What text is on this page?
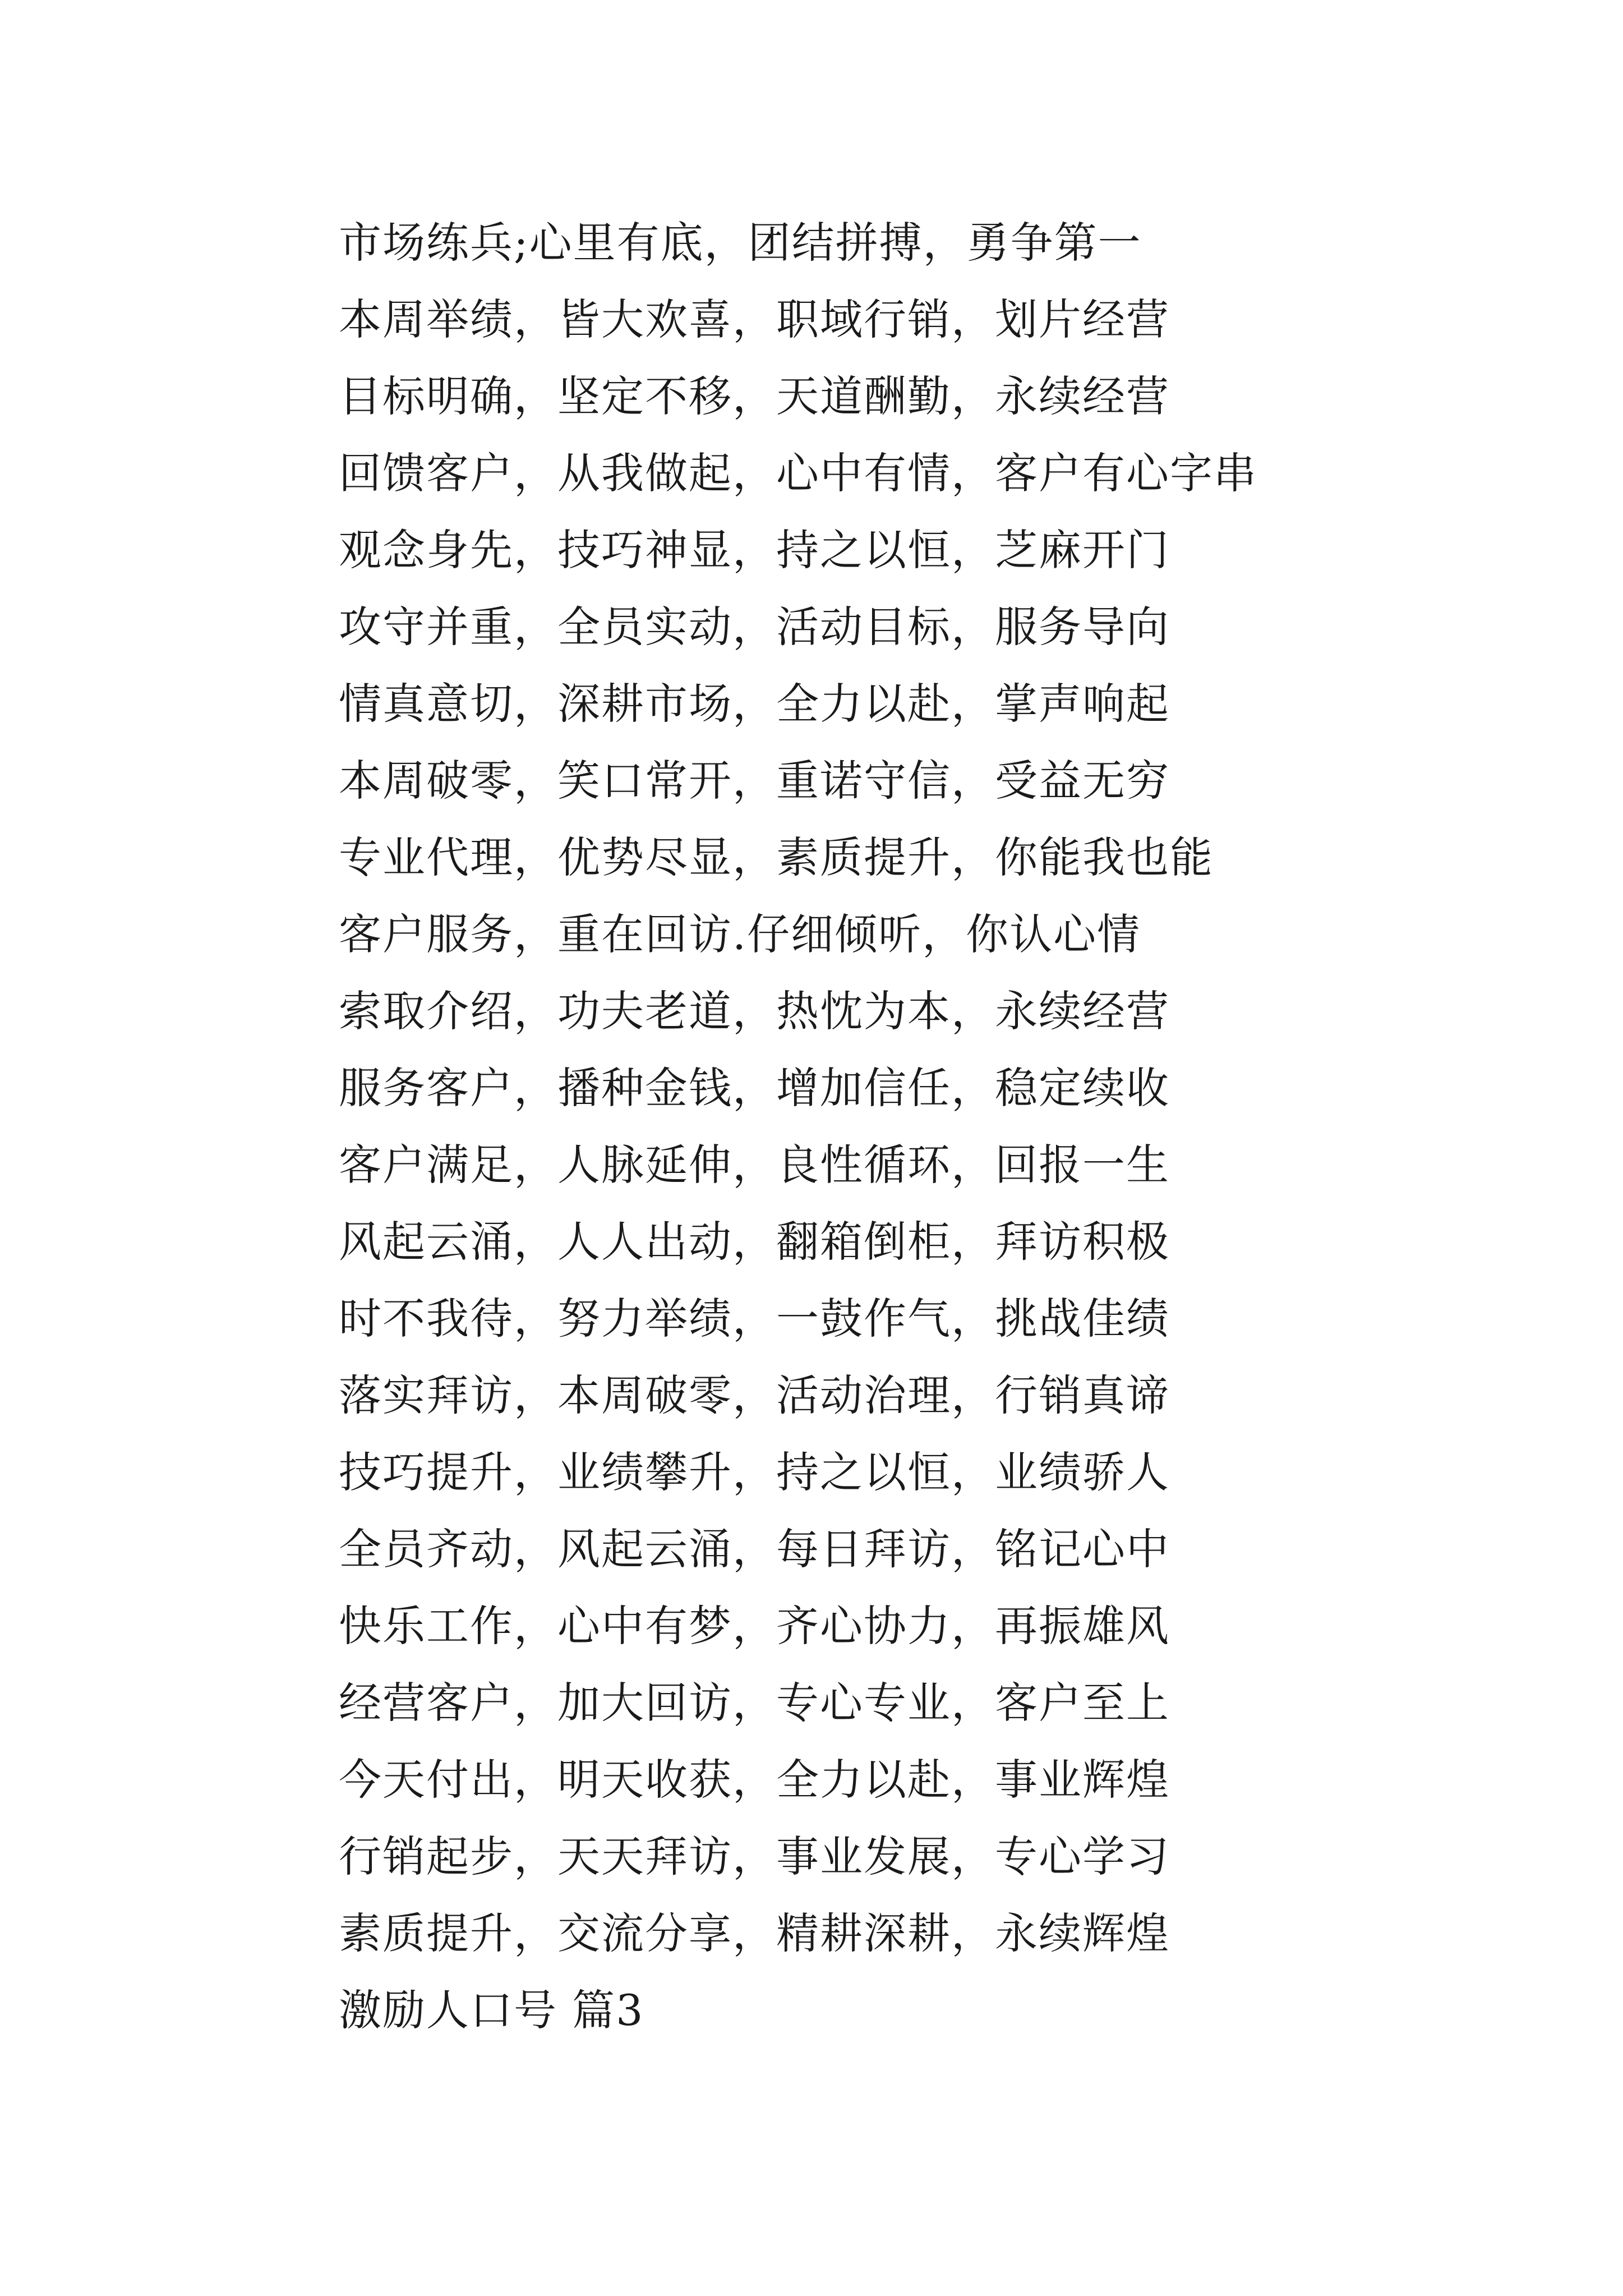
市场练兵;心里有底，团结拼搏，勇争第一
本周举绩，皆大欢喜，职域行销，划片经营
目标明确，坚定不移，天道酬勤，永续经营
回馈客户，从我做起，心中有情，客户有心字串
观念身先，技巧神显，持之以恒，芝麻开门
攻守并重，全员实动，活动目标，服务导向
情真意切，深耕市场，全力以赴，掌声响起
本周破零，笑口常开，重诺守信，受益无穷
专业代理，优势尽显，素质提升，你能我也能
客户服务，重在回访.仔细倾听，你认心情
索取介绍，功夫老道，热忱为本，永续经营
服务客户，播种金钱，增加信任，稳定续收
客户满足，人脉延伸，良性循环，回报一生
风起云涌，人人出动，翻箱倒柜，拜访积极
时不我待，努力举绩，一鼓作气，挑战佳绩
落实拜访，本周破零，活动治理，行销真谛
技巧提升，业绩攀升，持之以恒，业绩骄人
全员齐动，风起云涌，每日拜访，铭记心中
快乐工作，心中有梦，齐心协力，再振雄风
经营客户，加大回访，专心专业，客户至上
今天付出，明天收获，全力以赴，事业辉煌
行销起步，天天拜访，事业发展，专心学习
素质提升，交流分享，精耕深耕，永续辉煌
激励人口号 篇3
